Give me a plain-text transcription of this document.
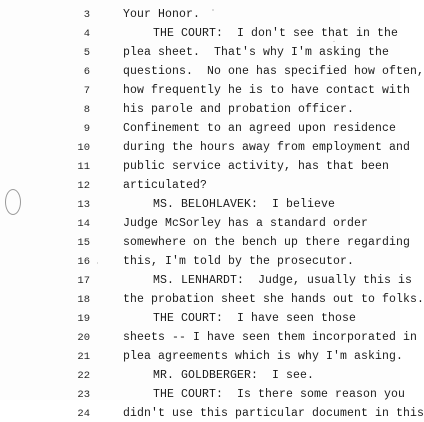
3	Your Honor.
4	THE COURT:  I don't see that in the
5	plea sheet.  That's why I'm asking the
6	questions.  No one has specified how often,
7	how frequently he is to have contact with
8	his parole and probation officer.
9	Confinement to an agreed upon residence
10	during the hours away from employment and
11	public service activity, has that been
12	articulated?
13	MS. BELOHLAVEK:  I believe
14	Judge McSorley has a standard order
15	somewhere on the bench up there regarding
16	this, I'm told by the prosecutor.
17	MS. LENHARDT:  Judge, usually this is
18	the probation sheet she hands out to folks.
19	THE COURT:  I have seen those
20	sheets -- I have seen them incorporated in
21	plea agreements which is why I'm asking.
22	MR. GOLDBERGER:  I see.
23	THE COURT:  Is there some reason you
24	didn't use this particular document in this
